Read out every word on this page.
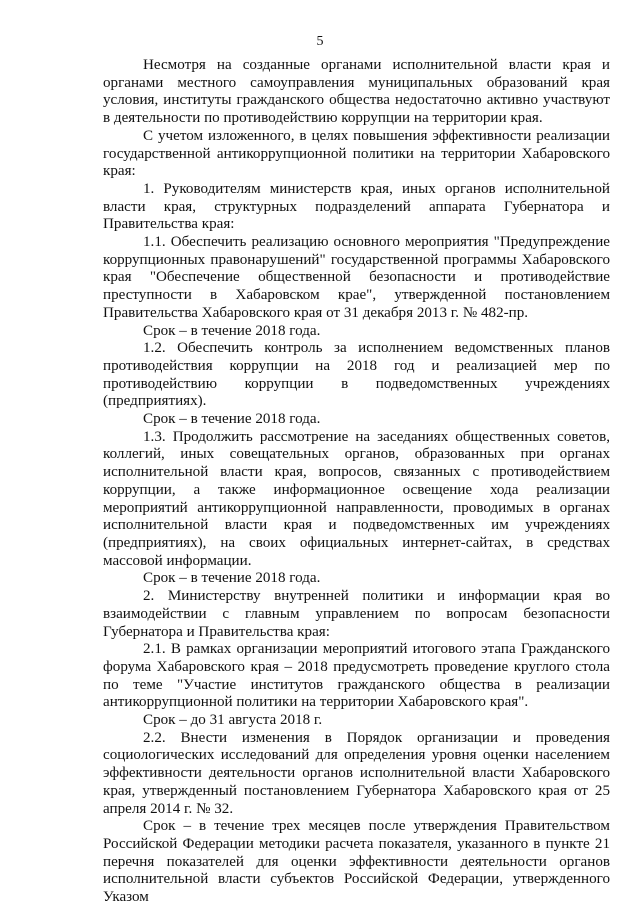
5

Несмотря на созданные органами исполнительной власти края и органами местного самоуправления муниципальных образований края условия, институты гражданского общества недостаточно активно участвуют в деятельности по противодействию коррупции на территории края.

С учетом изложенного, в целях повышения эффективности реализации государственной антикоррупционной политики на территории Хабаровского края:

1. Руководителям министерств края, иных органов исполнительной власти края, структурных подразделений аппарата Губернатора и Правительства края:

1.1. Обеспечить реализацию основного мероприятия "Предупреждение коррупционных правонарушений" государственной программы Хабаровского края "Обеспечение общественной безопасности и противодействие преступности в Хабаровском крае", утвержденной постановлением Правительства Хабаровского края от 31 декабря 2013 г. № 482-пр.

Срок – в течение 2018 года.

1.2. Обеспечить контроль за исполнением ведомственных планов противодействия коррупции на 2018 год и реализацией мер по противодействию коррупции в подведомственных учреждениях (предприятиях).

Срок – в течение 2018 года.

1.3. Продолжить рассмотрение на заседаниях общественных советов, коллегий, иных совещательных органов, образованных при органах исполнительной власти края, вопросов, связанных с противодействием коррупции, а также информационное освещение хода реализации мероприятий антикоррупционной направленности, проводимых в органах исполнительной власти края и подведомственных им учреждениях (предприятиях), на своих официальных интернет-сайтах, в средствах массовой информации.

Срок – в течение 2018 года.

2. Министерству внутренней политики и информации края во взаимодействии с главным управлением по вопросам безопасности Губернатора и Правительства края:

2.1. В рамках организации мероприятий итогового этапа Гражданского форума Хабаровского края – 2018 предусмотреть проведение круглого стола по теме "Участие институтов гражданского общества в реализации антикоррупционной политики на территории Хабаровского края".

Срок – до 31 августа 2018 г.

2.2. Внести изменения в Порядок организации и проведения социологических исследований для определения уровня оценки населением эффективности деятельности органов исполнительной власти Хабаровского края, утвержденный постановлением Губернатора Хабаровского края от 25 апреля 2014 г. № 32.

Срок – в течение трех месяцев после утверждения Правительством Российской Федерации методики расчета показателя, указанного в пункте 21 перечня показателей для оценки эффективности деятельности органов исполнительной власти субъектов Российской Федерации, утвержденного Указом
